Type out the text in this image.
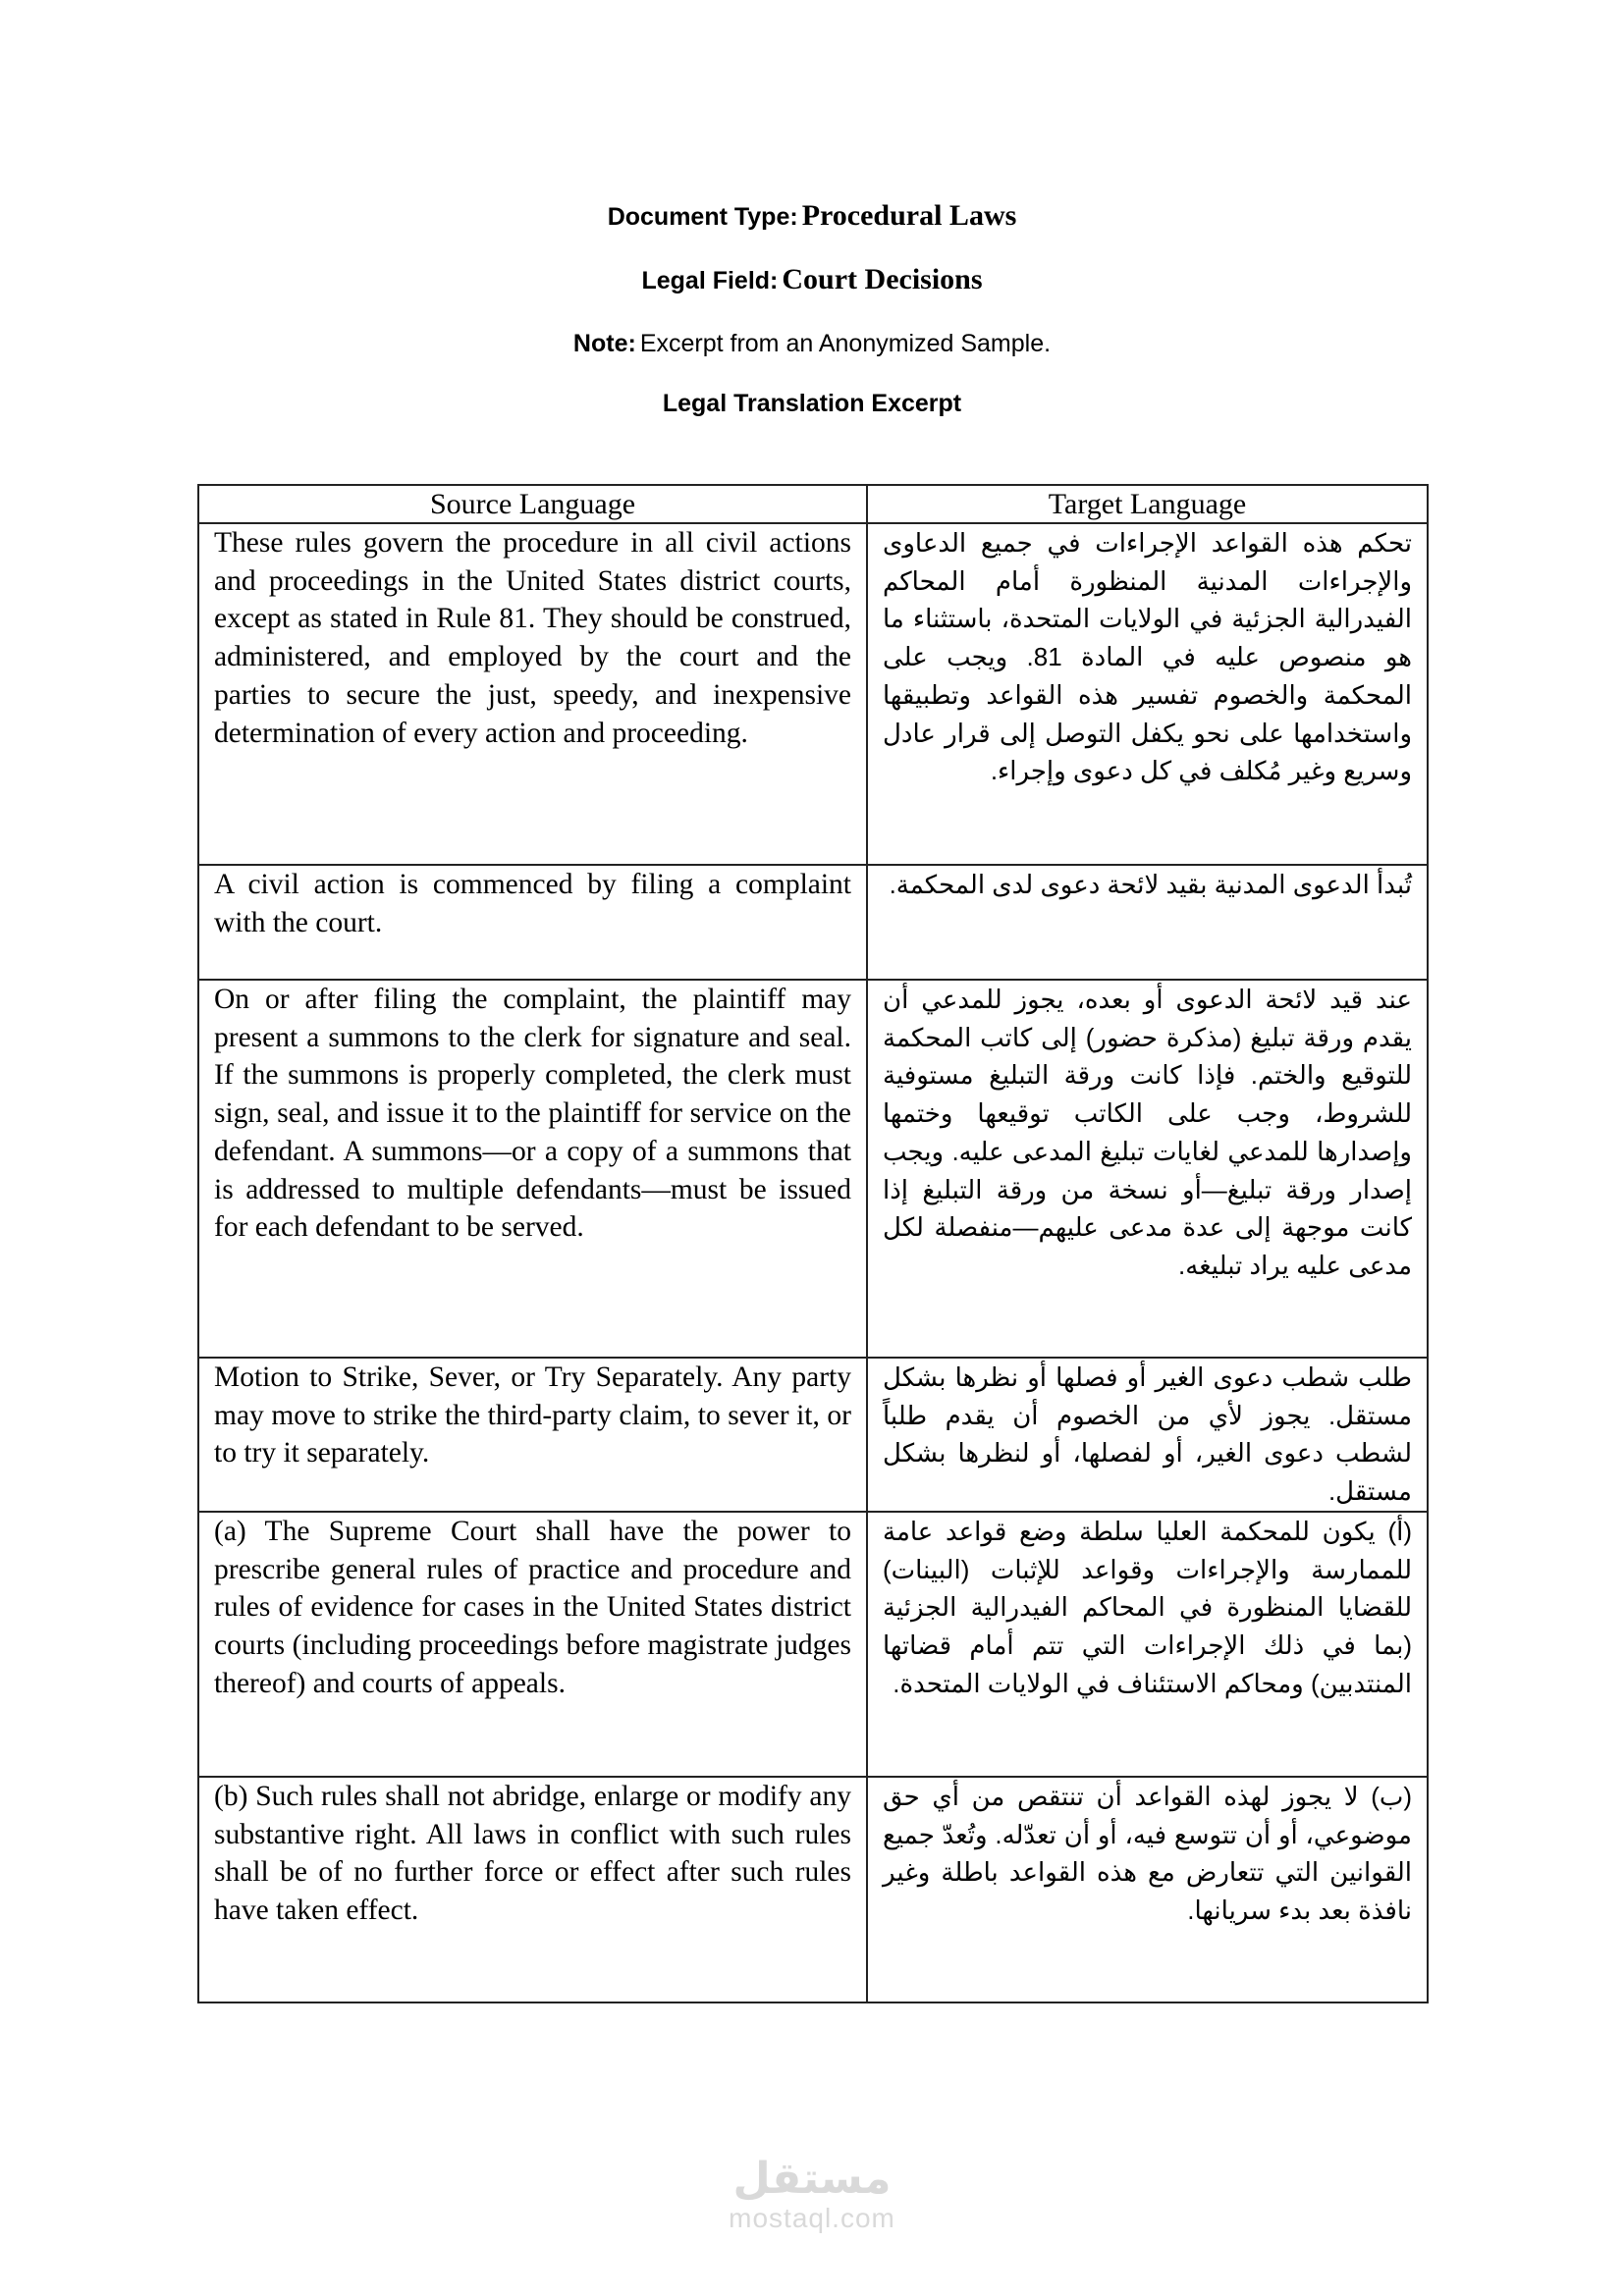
Document Type: Procedural Laws
Legal Field: Court Decisions
Note: Excerpt from an Anonymized Sample.
Legal Translation Excerpt
Source Language	Target Language
These rules govern the procedure in all civil actions and proceedings in the United States district courts, except as stated in Rule 81. They should be construed, administered, and employed by the court and the parties to secure the just, speedy, and inexpensive determination of every action and proceeding.	تحكم هذه القواعد الإجراءات في جميع الدعاوى والإجراءات المدنية المنظورة أمام المحاكم الفيدرالية الجزئية في الولايات المتحدة، باستثناء ما هو منصوص عليه في المادة 81. ويجب على المحكمة والخصوم تفسير هذه القواعد وتطبيقها واستخدامها على نحو يكفل التوصل إلى قرار عادل وسريع وغير مُكلف في كل دعوى وإجراء.
A civil action is commenced by filing a complaint with the court.	تُبدأ الدعوى المدنية بقيد لائحة دعوى لدى المحكمة.
On or after filing the complaint, the plaintiff may present a summons to the clerk for signature and seal. If the summons is properly completed, the clerk must sign, seal, and issue it to the plaintiff for service on the defendant. A summons—or a copy of a summons that is addressed to multiple defendants—must be issued for each defendant to be served.	عند قيد لائحة الدعوى أو بعده، يجوز للمدعي أن يقدم ورقة تبليغ (مذكرة حضور) إلى كاتب المحكمة للتوقيع والختم. فإذا كانت ورقة التبليغ مستوفية للشروط، وجب على الكاتب توقيعها وختمها وإصدارها للمدعي لغايات تبليغ المدعى عليه. ويجب إصدار ورقة تبليغ—أو نسخة من ورقة التبليغ إذا كانت موجهة إلى عدة مدعى عليهم—منفصلة لكل مدعى عليه يراد تبليغه.
Motion to Strike, Sever, or Try Separately. Any party may move to strike the third-party claim, to sever it, or to try it separately.	طلب شطب دعوى الغير أو فصلها أو نظرها بشكل مستقل. يجوز لأي من الخصوم أن يقدم طلباً لشطب دعوى الغير، أو لفصلها، أو لنظرها بشكل مستقل.
(a) The Supreme Court shall have the power to prescribe general rules of practice and procedure and rules of evidence for cases in the United States district courts (including proceedings before magistrate judges thereof) and courts of appeals.	(أ) يكون للمحكمة العليا سلطة وضع قواعد عامة للممارسة والإجراءات وقواعد للإثبات (البينات) للقضايا المنظورة في المحاكم الفيدرالية الجزئية (بما في ذلك الإجراءات التي تتم أمام قضاتها المنتدبين) ومحاكم الاستئناف في الولايات المتحدة.
(b) Such rules shall not abridge, enlarge or modify any substantive right. All laws in conflict with such rules shall be of no further force or effect after such rules have taken effect.	(ب) لا يجوز لهذه القواعد أن تنتقص من أي حق موضوعي، أو أن تتوسع فيه، أو أن تعدّله. وتُعدّ جميع القوانين التي تتعارض مع هذه القواعد باطلة وغير نافذة بعد بدء سريانها.
مستقل
mostaql.com
